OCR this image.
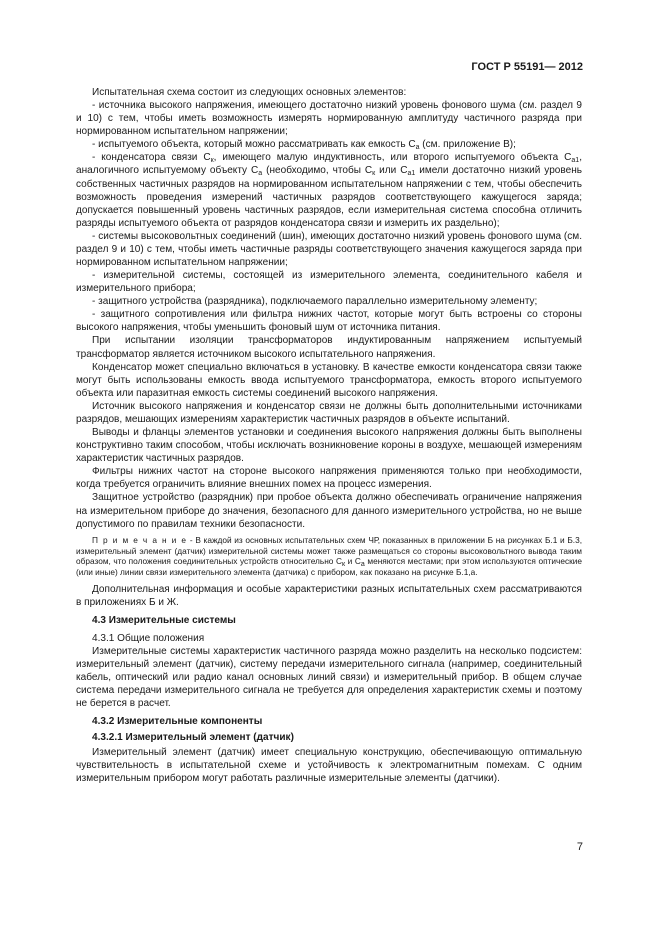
ГОСТ Р 55191— 2012

Испытательная схема состоит из следующих основных элементов:

- источника высокого напряжения, имеющего достаточно низкий уровень фонового шума (см. раздел 9 и 10) с тем, чтобы иметь возможность измерять нормированную амплитуду частичного разряда при нормированном испытательном напряжении;

- испытуемого объекта, который можно рассматривать как емкость $C_а$ (см. приложение В);

- конденсатора связи $C_к$, имеющего малую индуктивность, или второго испытуемого объекта $C_{а1}$, аналогичного испытуемому объекту $C_а$ (необходимо, чтобы $C_к$ или $C_{а1}$ имели достаточно низкий уровень собственных частичных разрядов на нормированном испытательном напряжении с тем, чтобы обеспечить возможность проведения измерений частичных разрядов соответствующего кажущегося заряда; допускается повышенный уровень частичных разрядов, если измерительная система способна отличить разряды испытуемого объекта от разрядов конденсатора связи и измерить их раздельно);

- системы высоковольтных соединений (шин), имеющих достаточно низкий уровень фонового шума (см. раздел 9 и 10) с тем, чтобы иметь частичные разряды соответствующего значения кажущегося заряда при нормированном испытательном напряжении;

- измерительной системы, состоящей из измерительного элемента, соединительного кабеля и измерительного прибора;

- защитного устройства (разрядника), подключаемого параллельно измерительному элементу;

- защитного сопротивления или фильтра нижних частот, которые могут быть встроены со стороны высокого напряжения, чтобы уменьшить фоновый шум от источника питания.

При испытании изоляции трансформаторов индуктированным напряжением испытуемый трансформатор является источником высокого испытательного напряжения.

Конденсатор может специально включаться в установку. В качестве емкости конденсатора связи также могут быть использованы емкость ввода испытуемого трансформатора, емкость второго испытуемого объекта или паразитная емкость системы соединений высокого напряжения.

Источник высокого напряжения и конденсатор связи не должны быть дополнительными источниками разрядов, мешающих измерениям характеристик частичных разрядов в объекте испытаний.

Выводы и фланцы элементов установки и соединения высокого напряжения должны быть выполнены конструктивно таким способом, чтобы исключать возникновение короны в воздухе, мешающей измерениям характеристик частичных разрядов.

Фильтры нижних частот на стороне высокого напряжения применяются только при необходимости, когда требуется ограничить влияние внешних помех на процесс измерения.

Защитное устройство (разрядник) при пробое объекта должно обеспечивать ограничение напряжения на измерительном приборе до значения, безопасного для данного измерительного устройства, но не выше допустимого по правилам техники безопасности.

П р и м е ч а н и е - В каждой из основных испытательных схем ЧР, показанных в приложении Б на рисунках Б.1 и Б.3, измерительный элемент (датчик) измерительной системы может также размещаться со стороны высоковольтного вывода таким образом, что положения соединительных устройств относительно $C_к$ и $C_а$ меняются местами; при этом используются оптические (или иные) линии связи измерительного элемента (датчика) с прибором, как показано на рисунке Б.1,а.

Дополнительная информация и особые характеристики разных испытательных схем рассматриваются в приложениях Б и Ж.

4.3 Измерительные системы

4.3.1 Общие положения

Измерительные системы характеристик частичного разряда можно разделить на несколько подсистем: измерительный элемент (датчик), систему передачи измерительного сигнала (например, соединительный кабель, оптический или радио канал основных линий связи) и измерительный прибор. В общем случае система передачи измерительного сигнала не требуется для определения характеристик схемы и поэтому не берется в расчет.

4.3.2 Измерительные компоненты

4.3.2.1 Измерительный элемент (датчик)

Измерительный элемент (датчик) имеет специальную конструкцию, обеспечивающую оптимальную чувствительность в испытательной схеме и устойчивость к электромагнитным помехам. С одним измерительным прибором могут работать различные измерительные элементы (датчики).

7
